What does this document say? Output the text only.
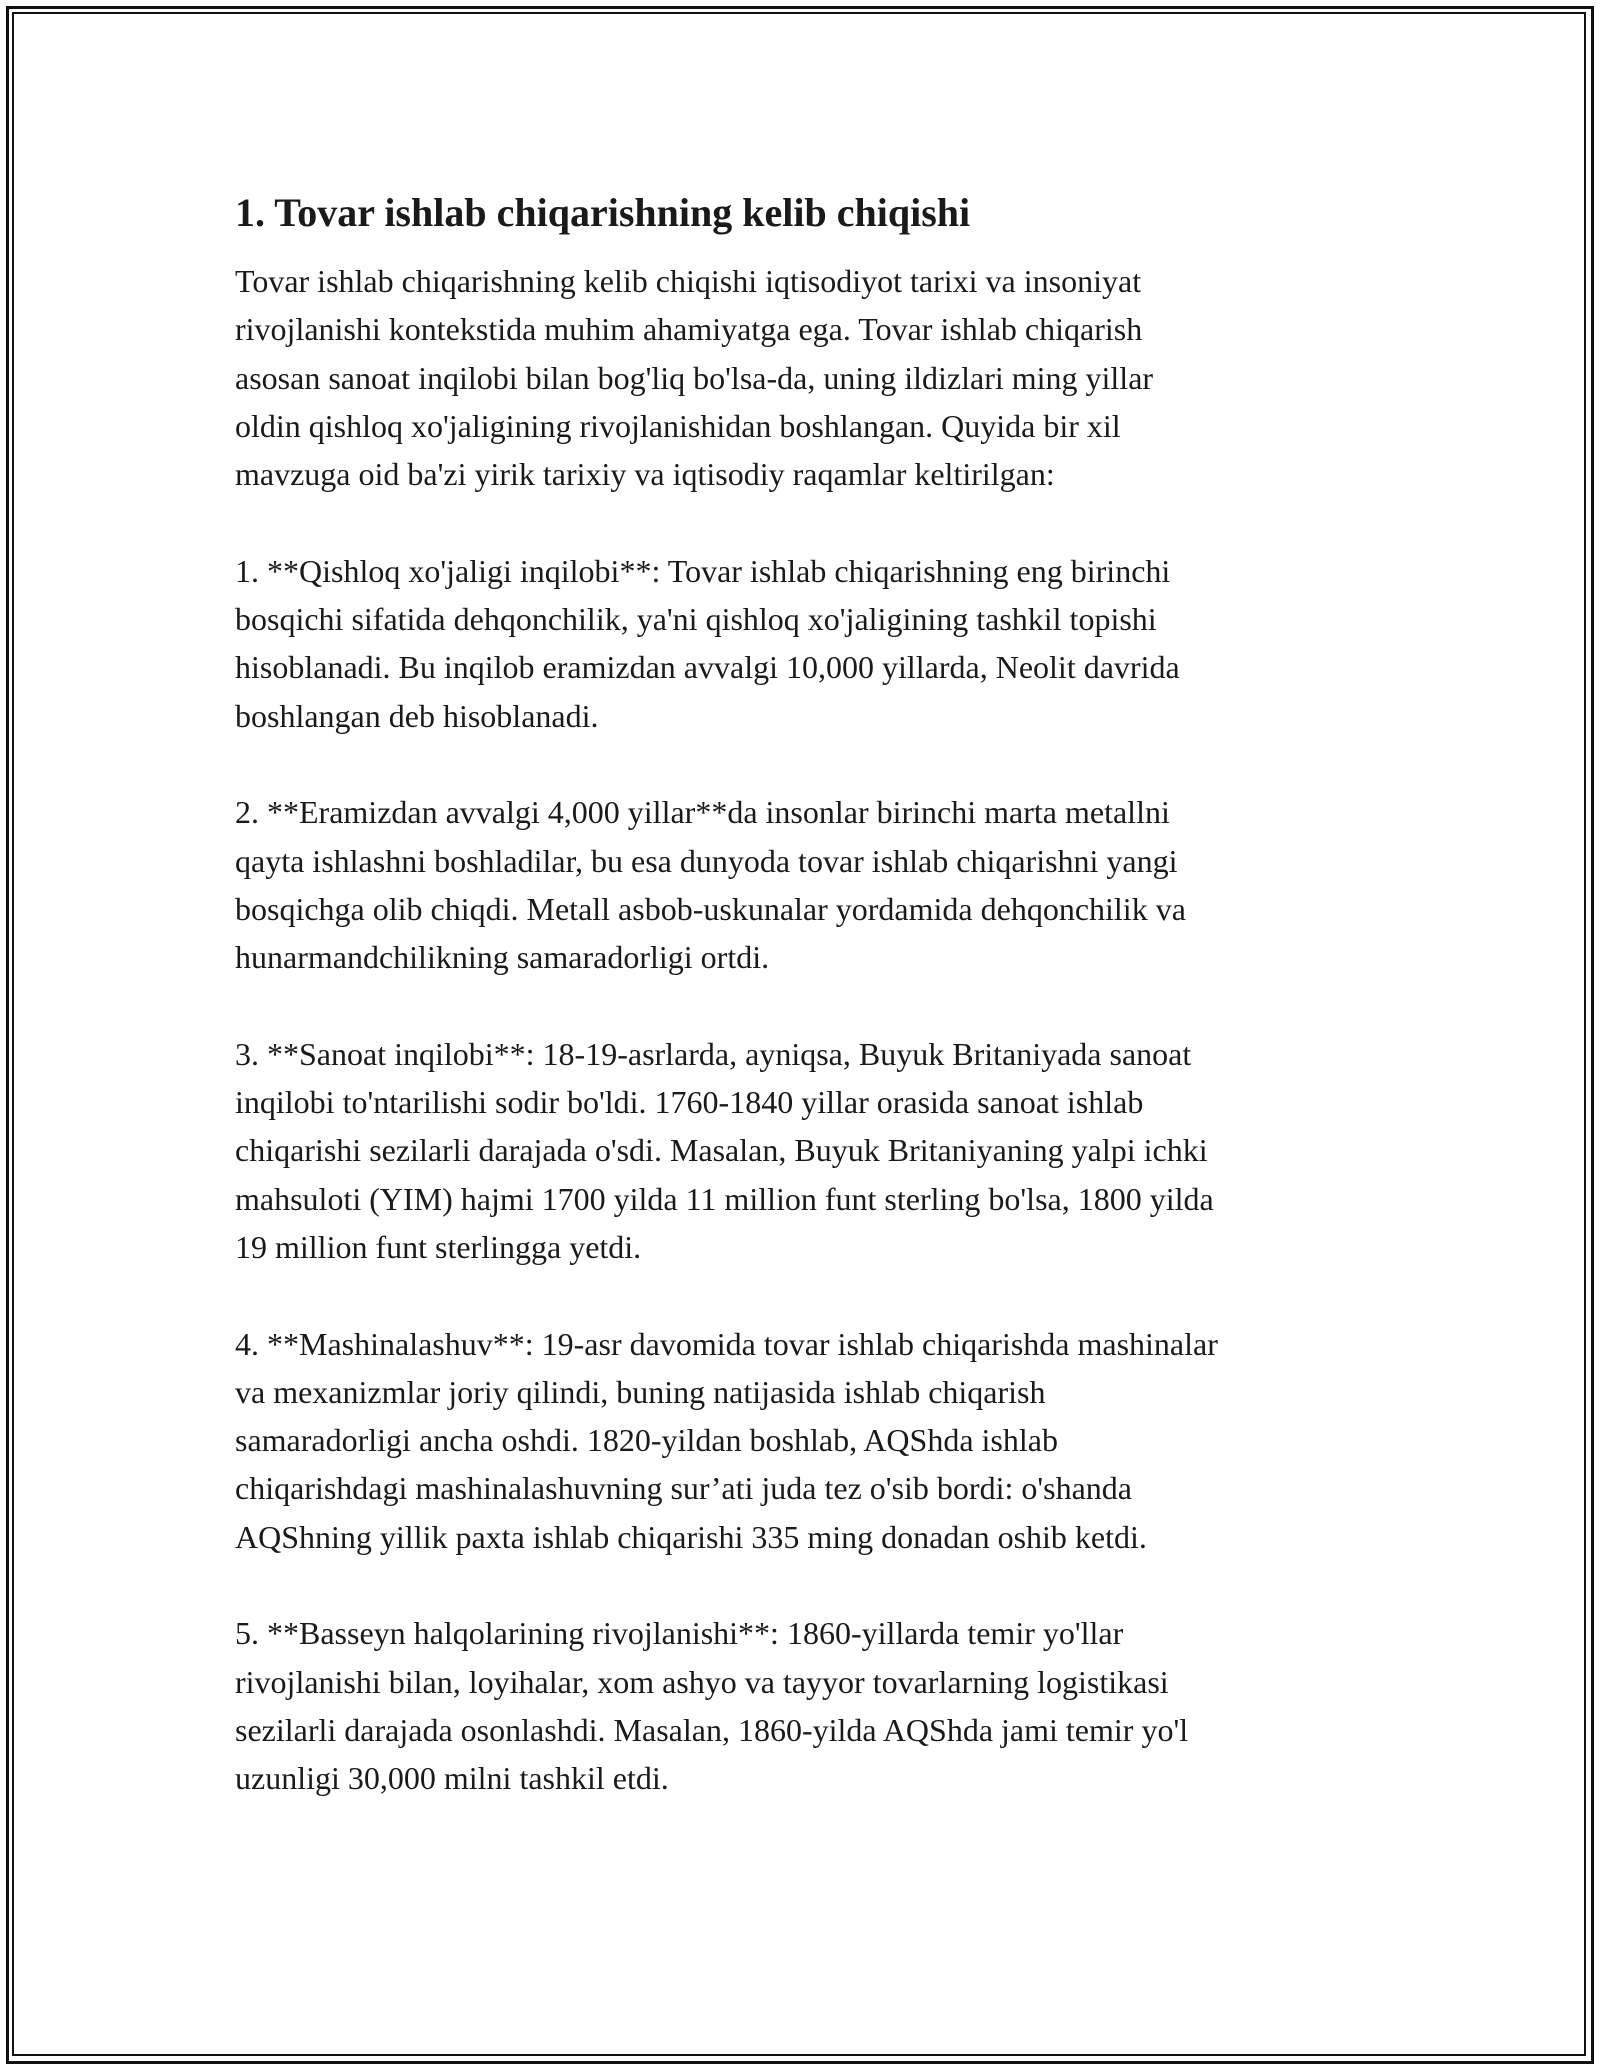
1. Tovar ishlab chiqarishning kelib chiqishi
Tovar ishlab chiqarishning kelib chiqishi iqtisodiyot tarixi va insoniyat
rivojlanishi kontekstida muhim ahamiyatga ega. Tovar ishlab chiqarish
asosan sanoat inqilobi bilan bog'liq bo'lsa-da, uning ildizlari ming yillar
oldin qishloq xo'jaligining rivojlanishidan boshlangan. Quyida bir xil
mavzuga oid ba'zi yirik tarixiy va iqtisodiy raqamlar keltirilgan:
1. **Qishloq xo'jaligi inqilobi**: Tovar ishlab chiqarishning eng birinchi
bosqichi sifatida dehqonchilik, ya'ni qishloq xo'jaligining tashkil topishi
hisoblanadi. Bu inqilob eramizdan avvalgi 10,000 yillarda, Neolit davrida
boshlangan deb hisoblanadi.
2. **Eramizdan avvalgi 4,000 yillar**da insonlar birinchi marta metallni
qayta ishlashni boshladilar, bu esa dunyoda tovar ishlab chiqarishni yangi
bosqichga olib chiqdi. Metall asbob-uskunalar yordamida dehqonchilik va
hunarmandchilikning samaradorligi ortdi.
3. **Sanoat inqilobi**: 18-19-asrlarda, ayniqsa, Buyuk Britaniyada sanoat
inqilobi to'ntarilishi sodir bo'ldi. 1760-1840 yillar orasida sanoat ishlab
chiqarishi sezilarli darajada o'sdi. Masalan, Buyuk Britaniyaning yalpi ichki
mahsuloti (YIM) hajmi 1700 yilda 11 million funt sterling bo'lsa, 1800 yilda
19 million funt sterlingga yetdi.
4. **Mashinalashuv**: 19-asr davomida tovar ishlab chiqarishda mashinalar
va mexanizmlar joriy qilindi, buning natijasida ishlab chiqarish
samaradorligi ancha oshdi. 1820-yildan boshlab, AQShda ishlab
chiqarishdagi mashinalashuvning sur’ati juda tez o'sib bordi: o'shanda
AQShning yillik paxta ishlab chiqarishi 335 ming donadan oshib ketdi.
5. **Basseyn halqolarining rivojlanishi**: 1860-yillarda temir yo'llar
rivojlanishi bilan, loyihalar, xom ashyo va tayyor tovarlarning logistikasi
sezilarli darajada osonlashdi. Masalan, 1860-yilda AQShda jami temir yo'l
uzunligi 30,000 milni tashkil etdi.
